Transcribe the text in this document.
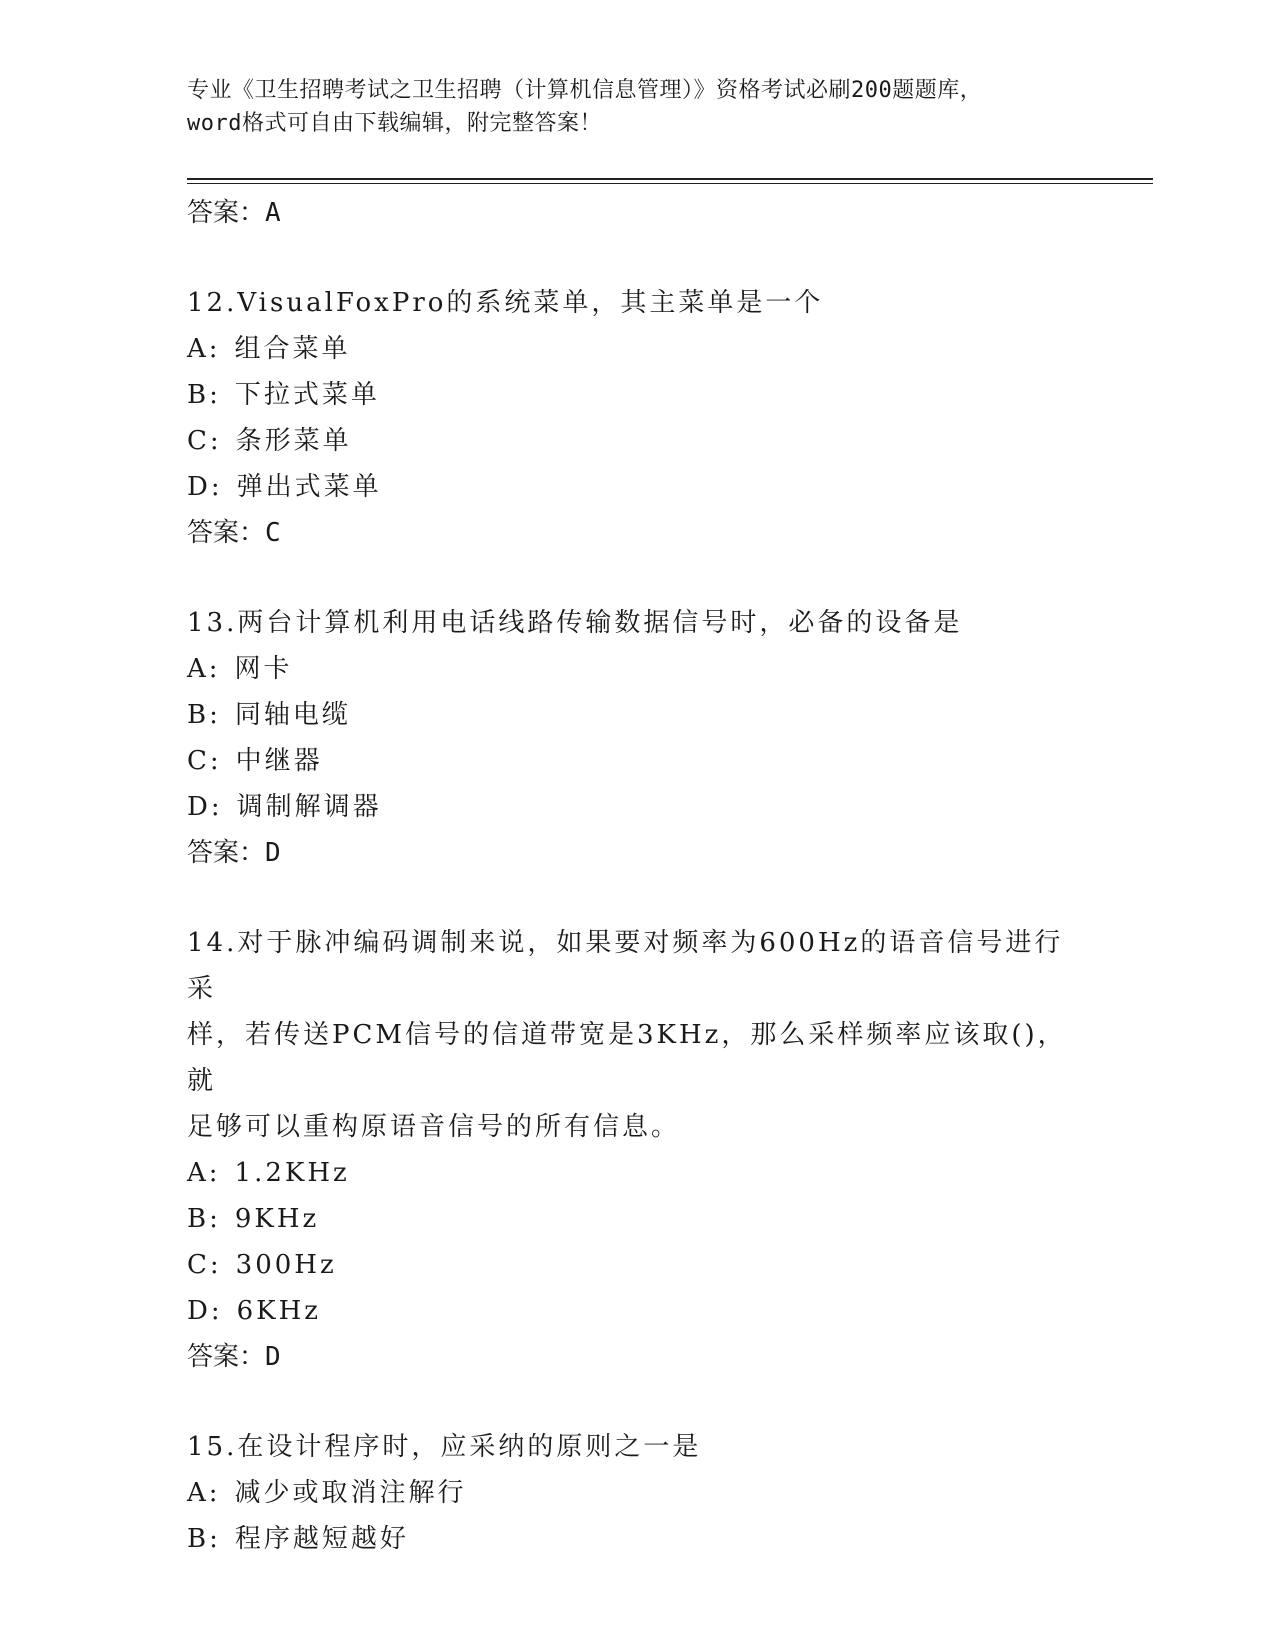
专业《卫生招聘考试之卫生招聘（计算机信息管理）》资格考试必刷200题题库，
word格式可自由下载编辑，附完整答案！
答案：A
12.VisualFoxPro的系统菜单，其主菜单是一个
A: 组合菜单
B: 下拉式菜单
C: 条形菜单
D: 弹出式菜单
答案：C
13.两台计算机利用电话线路传输数据信号时，必备的设备是
A: 网卡
B: 同轴电缆
C: 中继器
D: 调制解调器
答案：D
14.对于脉冲编码调制来说，如果要对频率为600Hz的语音信号进行采
样，若传送PCM信号的信道带宽是3KHz，那么采样频率应该取()，就
足够可以重构原语音信号的所有信息。
A: 1.2KHz
B: 9KHz
C: 300Hz
D: 6KHz
答案：D
15.在设计程序时，应采纳的原则之一是
A: 减少或取消注解行
B: 程序越短越好
